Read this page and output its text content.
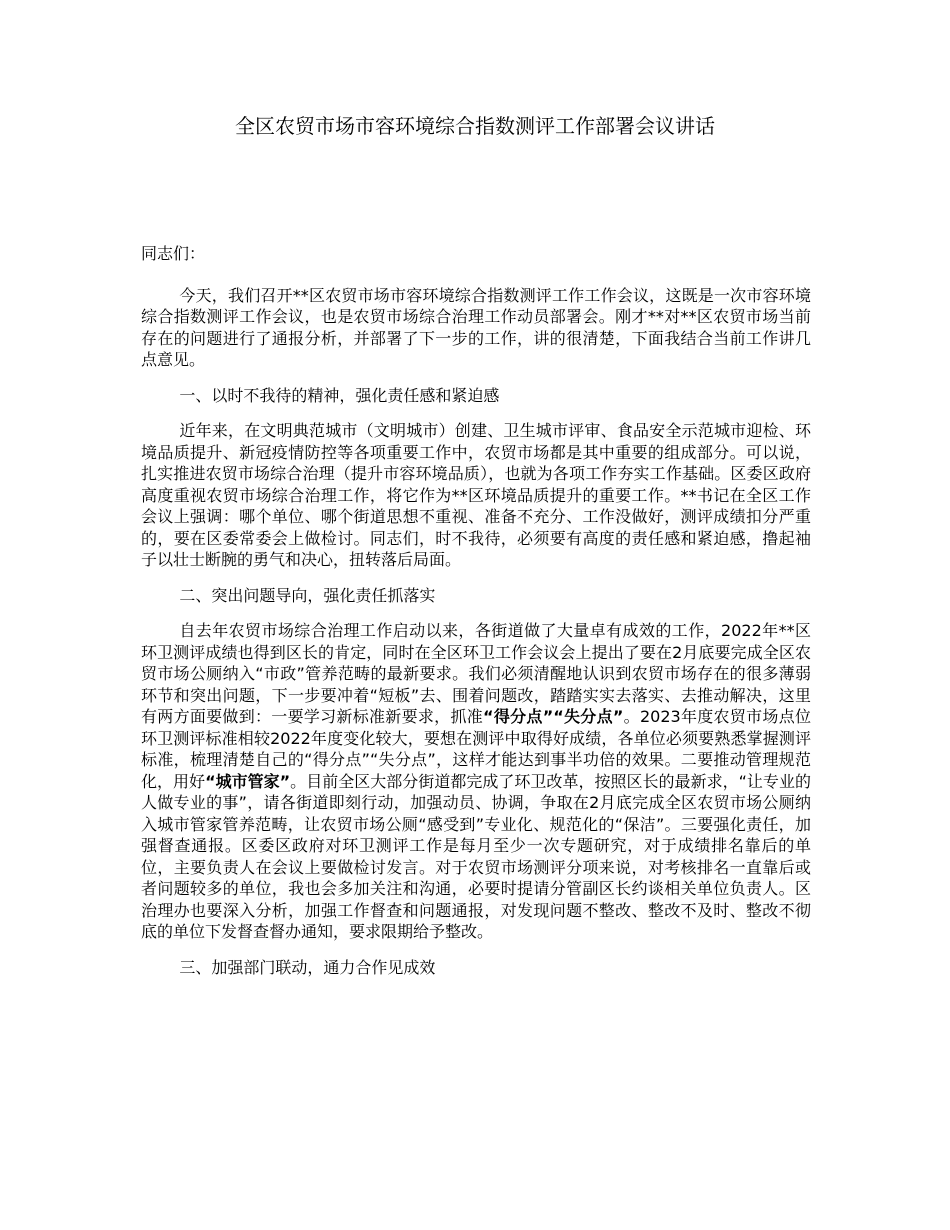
全区农贸市场市容环境综合指数测评工作部署会议讲话

同志们：

今天，我们召开**区农贸市场市容环境综合指数测评工作工作会议，这既是一次市容环境综合指数测评工作会议，也是农贸市场综合治理工作动员部署会。刚才**对**区农贸市场当前存在的问题进行了通报分析，并部署了下一步的工作，讲的很清楚，下面我结合当前工作讲几点意见。

一、以时不我待的精神，强化责任感和紧迫感

近年来，在文明典范城市（文明城市）创建、卫生城市评审、食品安全示范城市迎检、环境品质提升、新冠疫情防控等各项重要工作中，农贸市场都是其中重要的组成部分。可以说，扎实推进农贸市场综合治理（提升市容环境品质），也就为各项工作夯实工作基础。区委区政府高度重视农贸市场综合治理工作，将它作为**区环境品质提升的重要工作。**书记在全区工作会议上强调：哪个单位、哪个街道思想不重视、准备不充分、工作没做好，测评成绩扣分严重的，要在区委常委会上做检讨。同志们，时不我待，必须要有高度的责任感和紧迫感，撸起袖子以壮士断腕的勇气和决心，扭转落后局面。

二、突出问题导向，强化责任抓落实

自去年农贸市场综合治理工作启动以来，各街道做了大量卓有成效的工作，2022年**区环卫测评成绩也得到区长的肯定，同时在全区环卫工作会议会上提出了要在2月底要完成全区农贸市场公厕纳入“市政”管养范畴的最新要求。我们必须清醒地认识到农贸市场存在的很多薄弱环节和突出问题，下一步要冲着“短板”去、围着问题改，踏踏实实去落实、去推动解决，这里有两方面要做到：一要学习新标准新要求，抓准“得分点”“失分点”。2023年度农贸市场点位环卫测评标准相较2022年度变化较大，要想在测评中取得好成绩，各单位必须要熟悉掌握测评标准，梳理清楚自己的“得分点”“失分点”，这样才能达到事半功倍的效果。二要推动管理规范化，用好“城市管家”。目前全区大部分街道都完成了环卫改革，按照区长的最新求，“让专业的人做专业的事”，请各街道即刻行动，加强动员、协调，争取在2月底完成全区农贸市场公厕纳入城市管家管养范畴，让农贸市场公厕“感受到”专业化、规范化的“保洁”。三要强化责任，加强督查通报。区委区政府对环卫测评工作是每月至少一次专题研究，对于成绩排名靠后的单位，主要负责人在会议上要做检讨发言。对于农贸市场测评分项来说，对考核排名一直靠后或者问题较多的单位，我也会多加关注和沟通，必要时提请分管副区长约谈相关单位负责人。区治理办也要深入分析，加强工作督查和问题通报，对发现问题不整改、整改不及时、整改不彻底的单位下发督查督办通知，要求限期给予整改。

三、加强部门联动，通力合作见成效
